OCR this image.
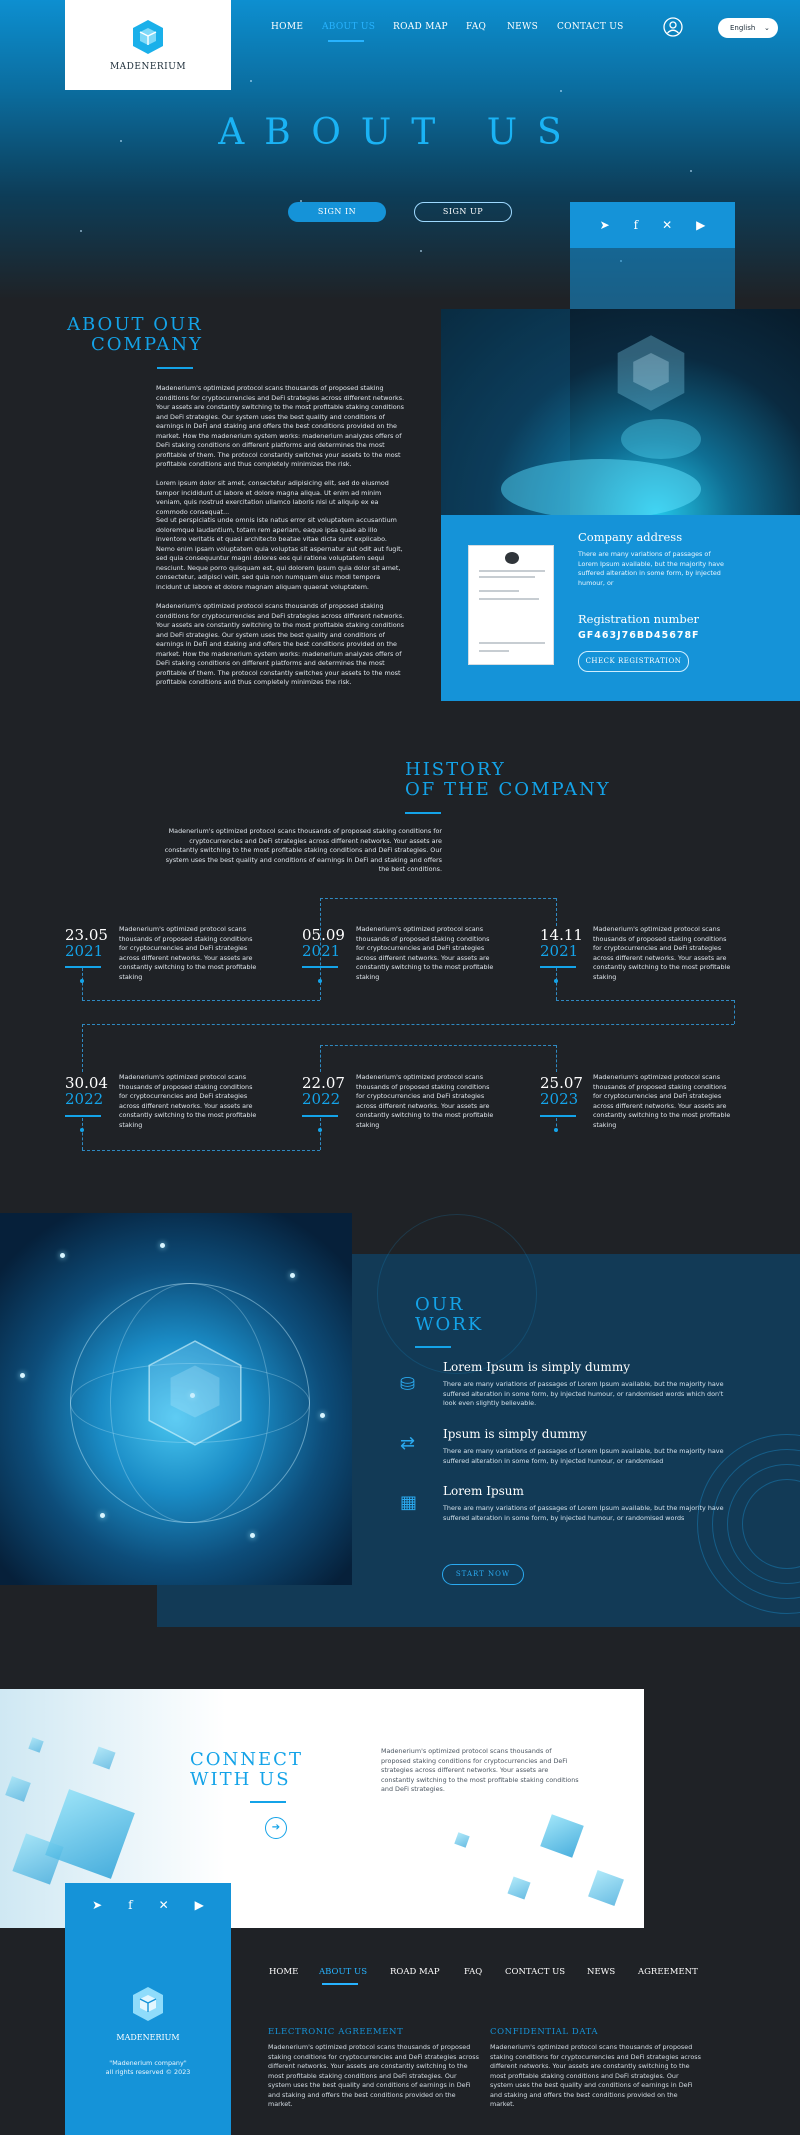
MADENERIUM
HOME ABOUT US ROAD MAP FAQ NEWS CONTACT US	English ⌄
ABOUT US
SIGN IN	SIGN UP
➤ f ✕ ▶
ABOUT OUR
COMPANY
Madenerium's optimized protocol scans thousands of proposed staking conditions for cryptocurrencies and DeFi strategies across different networks. Your assets are constantly switching to the most profitable staking conditions and DeFi strategies. Our system uses the best quality and conditions of earnings in DeFi and staking and offers the best conditions provided on the market. How the madenerium system works: madenerium analyzes offers of DeFi staking conditions on different platforms and determines the most profitable of them. The protocol constantly switches your assets to the most profitable conditions and thus completely minimizes the risk.
Lorem ipsum dolor sit amet, consectetur adipisicing elit, sed do eiusmod tempor incididunt ut labore et dolore magna aliqua. Ut enim ad minim veniam, quis nostrud exercitation ullamco laboris nisi ut aliquip ex ea commodo consequat...
Sed ut perspiciatis unde omnis iste natus error sit voluptatem accusantium doloremque laudantium, totam rem aperiam, eaque ipsa quae ab illo inventore veritatis et quasi architecto beatae vitae dicta sunt explicabo. Nemo enim ipsam voluptatem quia voluptas sit aspernatur aut odit aut fugit, sed quia consequuntur magni dolores eos qui ratione voluptatem sequi nesciunt. Neque porro quisquam est, qui dolorem ipsum quia dolor sit amet, consectetur, adipisci velit, sed quia non numquam eius modi tempora incidunt ut labore et dolore magnam aliquam quaerat voluptatem.
Madenerium's optimized protocol scans thousands of proposed staking conditions for cryptocurrencies and DeFi strategies across different networks. Your assets are constantly switching to the most profitable staking conditions and DeFi strategies. Our system uses the best quality and conditions of earnings in DeFi and staking and offers the best conditions provided on the market. How the madenerium system works: madenerium analyzes offers of DeFi staking conditions on different platforms and determines the most profitable of them. The protocol constantly switches your assets to the most profitable conditions and thus completely minimizes the risk.
Company address
There are many variations of passages of Lorem Ipsum available, but the majority have suffered alteration in some form, by injected humour, or
Registration number
GF463J76BD45678F
CHECK REGISTRATION
HISTORY
OF THE COMPANY
Madenerium's optimized protocol scans thousands of proposed staking conditions for cryptocurrencies and DeFi strategies across different networks. Your assets are constantly switching to the most profitable staking conditions and DeFi strategies. Our system uses the best quality and conditions of earnings in DeFi and staking and offers the best conditions.
23.05
2021
Madenerium's optimized protocol scans thousands of proposed staking conditions for cryptocurrencies and DeFi strategies across different networks. Your assets are constantly switching to the most profitable staking
05.09
2021
Madenerium's optimized protocol scans thousands of proposed staking conditions for cryptocurrencies and DeFi strategies across different networks. Your assets are constantly switching to the most profitable staking
14.11
2021
Madenerium's optimized protocol scans thousands of proposed staking conditions for cryptocurrencies and DeFi strategies across different networks. Your assets are constantly switching to the most profitable staking
30.04
2022
Madenerium's optimized protocol scans thousands of proposed staking conditions for cryptocurrencies and DeFi strategies across different networks. Your assets are constantly switching to the most profitable staking
22.07
2022
Madenerium's optimized protocol scans thousands of proposed staking conditions for cryptocurrencies and DeFi strategies across different networks. Your assets are constantly switching to the most profitable staking
25.07
2023
Madenerium's optimized protocol scans thousands of proposed staking conditions for cryptocurrencies and DeFi strategies across different networks. Your assets are constantly switching to the most profitable staking
OUR
WORK
⛁
Lorem Ipsum is simply dummy
There are many variations of passages of Lorem Ipsum available, but the majority have suffered alteration in some form, by injected humour, or randomised words which don't look even slightly believable.
⇄ Ipsum is simply dummy
There are many variations of passages of Lorem Ipsum available, but the majority have suffered alteration in some form, by injected humour, or randomised
▦
Lorem Ipsum
There are many variations of passages of Lorem Ipsum available, but the majority have suffered alteration in some form, by injected humour, or randomised words
START NOW
CONNECT
WITH US
➔
Madenerium's optimized protocol scans thousands of proposed staking conditions for cryptocurrencies and DeFi strategies across different networks. Your assets are constantly switching to the most profitable staking conditions and DeFi strategies.
➤ f ✕ ▶
MADENERIUM
"Madenerium company"
all rights reserved © 2023
HOME ABOUT US	ROAD MAP	FAQ	CONTACT US	NEWS	AGREEMENT
ELECTRONIC AGREEMENT
Madenerium's optimized protocol scans thousands of proposed staking conditions for cryptocurrencies and DeFi strategies across different networks. Your assets are constantly switching to the most profitable staking conditions and DeFi strategies. Our system uses the best quality and conditions of earnings in DeFi and staking and offers the best conditions provided on the market.
CONFIDENTIAL DATA
Madenerium's optimized protocol scans thousands of proposed staking conditions for cryptocurrencies and DeFi strategies across different networks. Your assets are constantly switching to the most profitable staking conditions and DeFi strategies. Our system uses the best quality and conditions of earnings in DeFi and staking and offers the best conditions provided on the market.
